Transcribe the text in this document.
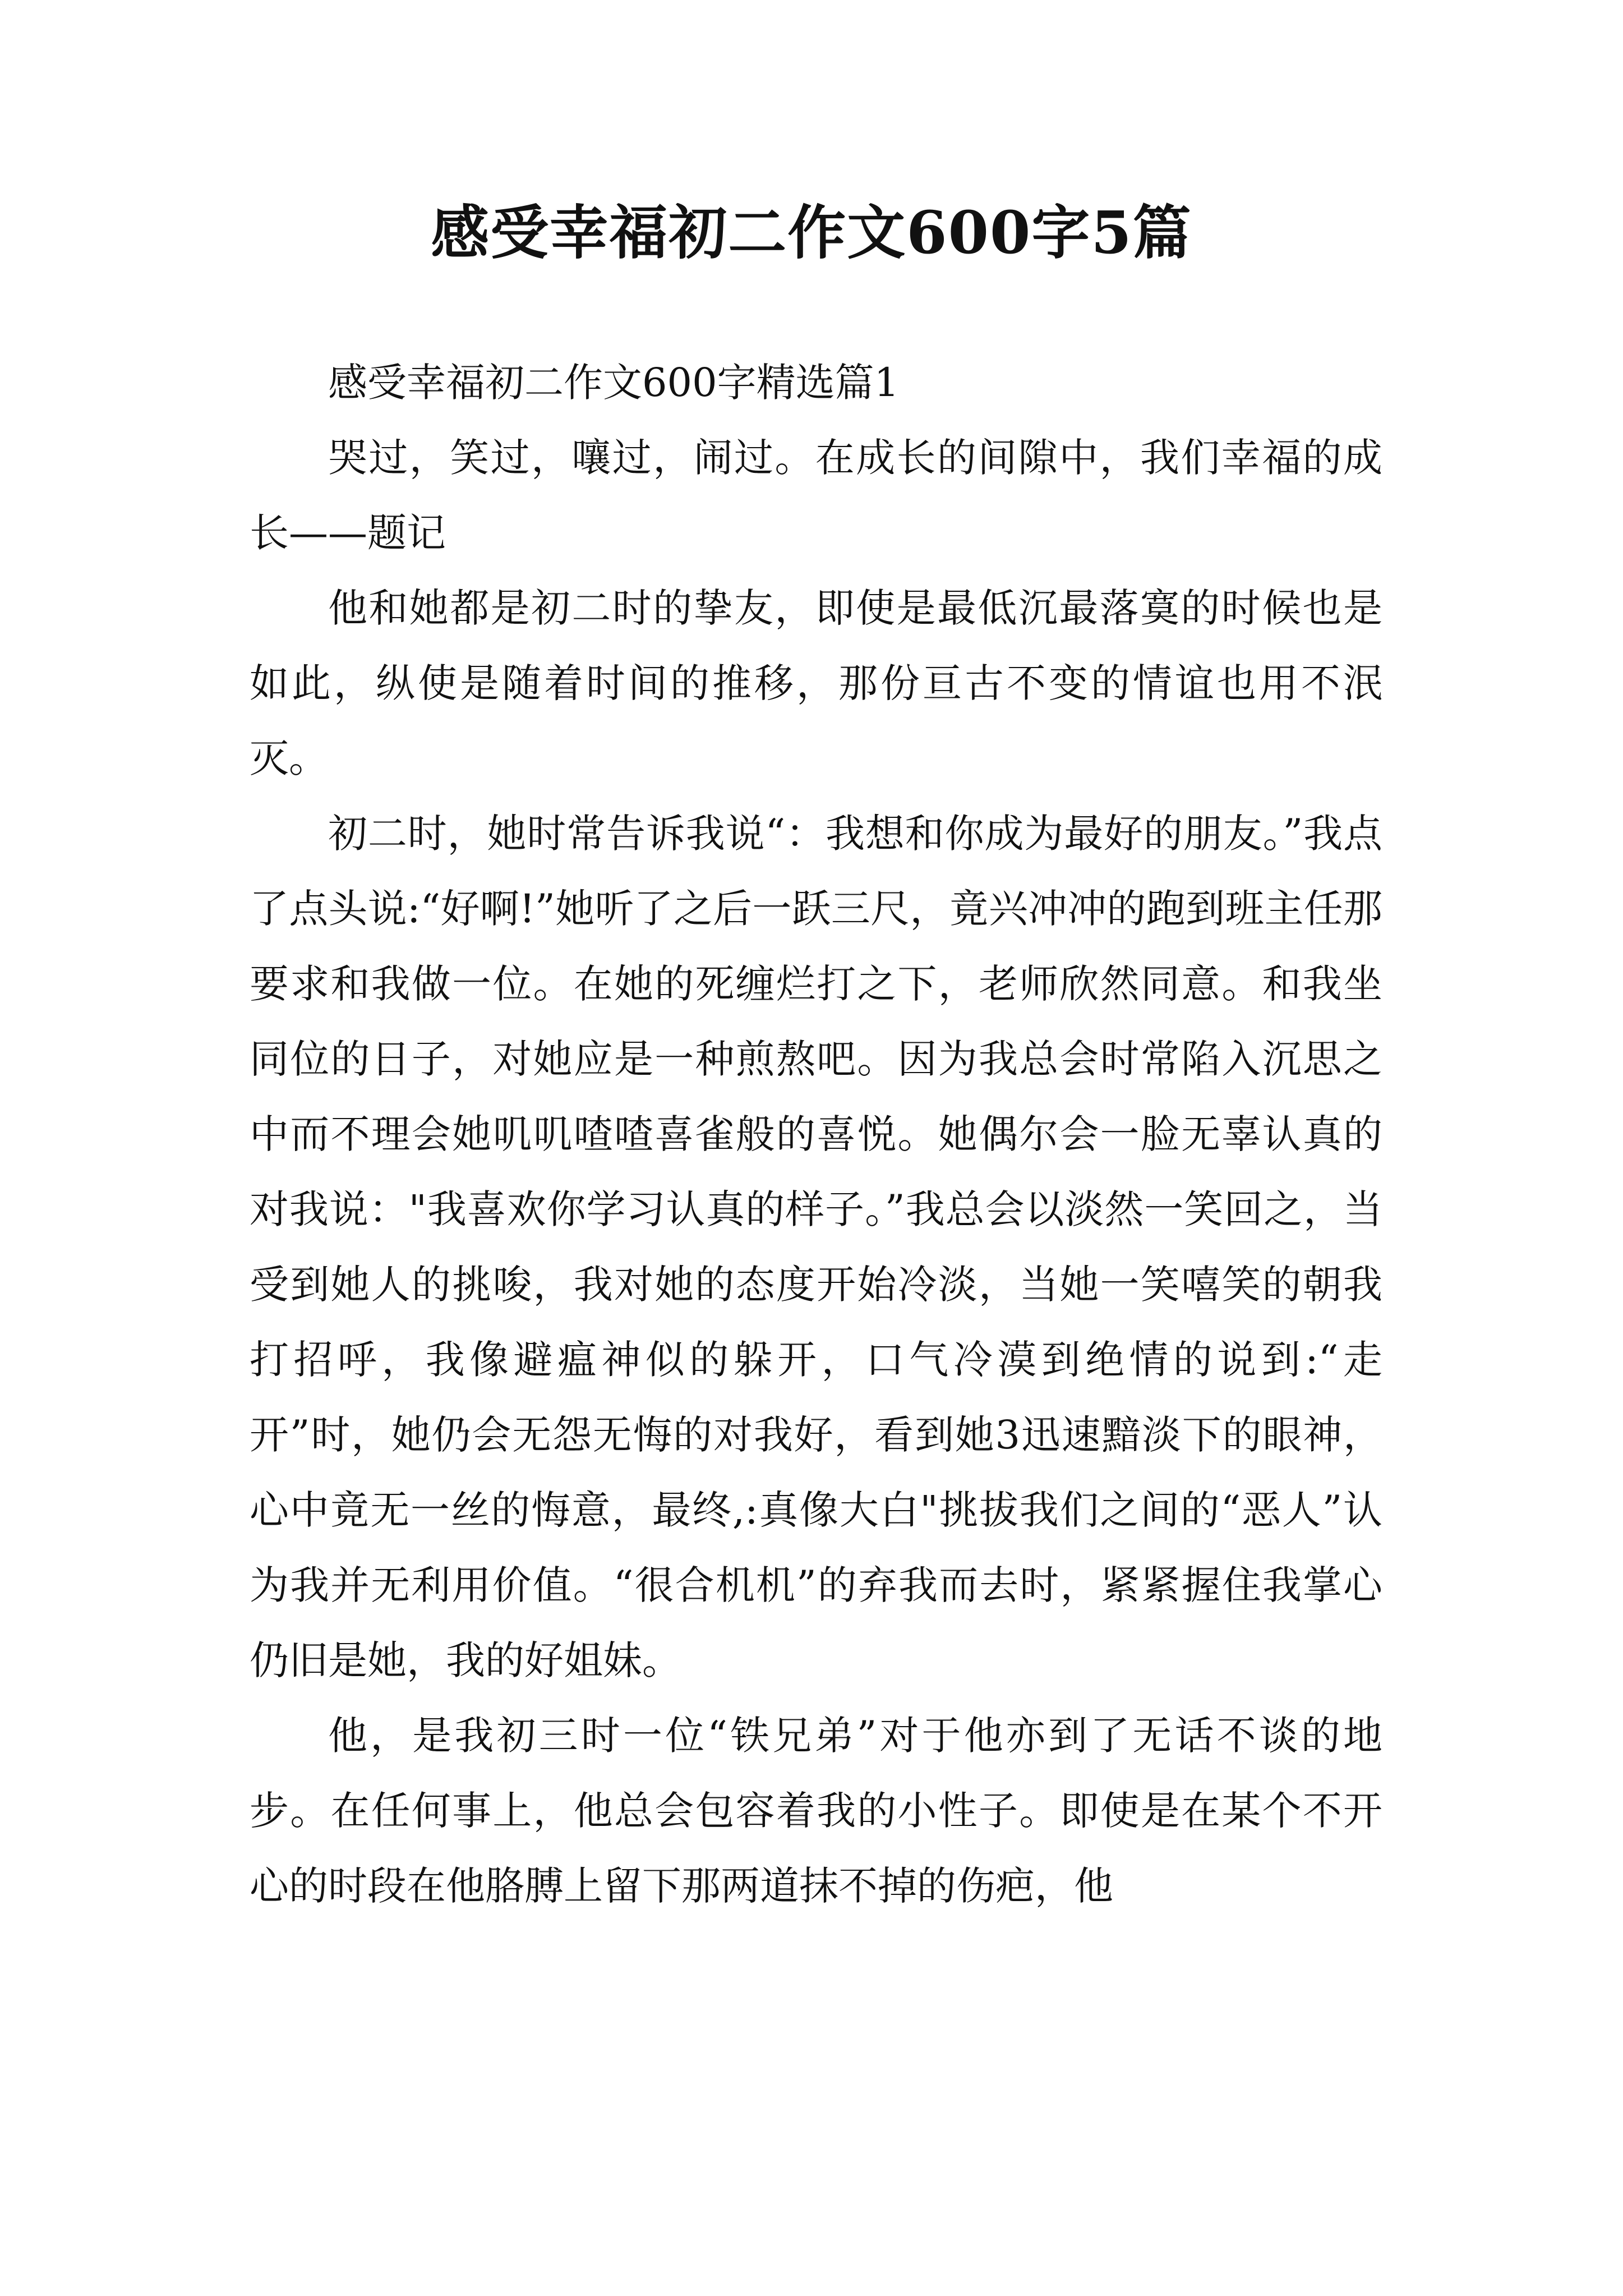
感受幸福初二作文600字5篇

感受幸福初二作文600字精选篇1

哭过，笑过，嚷过，闹过。在成长的间隙中，我们幸福的成长——题记

他和她都是初二时的挚友，即使是最低沉最落寞的时候也是如此，纵使是随着时间的推移，那份亘古不变的情谊也用不泯灭。

初二时，她时常告诉我说“：我想和你成为最好的朋友。”我点了点头说:“好啊!”她听了之后一跃三尺，竟兴冲冲的跑到班主任那要求和我做一位。在她的死缠烂打之下，老师欣然同意。和我坐同位的日子，对她应是一种煎熬吧。因为我总会时常陷入沉思之中而不理会她叽叽喳喳喜雀般的喜悦。她偶尔会一脸无辜认真的对我说："我喜欢你学习认真的样子。”我总会以淡然一笑回之，当受到她人的挑唆，我对她的态度开始冷淡，当她一笑嘻笑的朝我打招呼，我像避瘟神似的躲开，口气冷漠到绝情的说到:“走开”时，她仍会无怨无悔的对我好，看到她3迅速黯淡下的眼神，心中竟无一丝的悔意，最终,:真像大白"挑拔我们之间的“恶人”认为我并无利用价值。“很合机机”的弃我而去时，紧紧握住我掌心仍旧是她，我的好姐妹。

他，是我初三时一位“铁兄弟”对于他亦到了无话不谈的地步。在任何事上，他总会包容着我的小性子。即使是在某个不开心的时段在他胳膊上留下那两道抹不掉的伤疤，他
